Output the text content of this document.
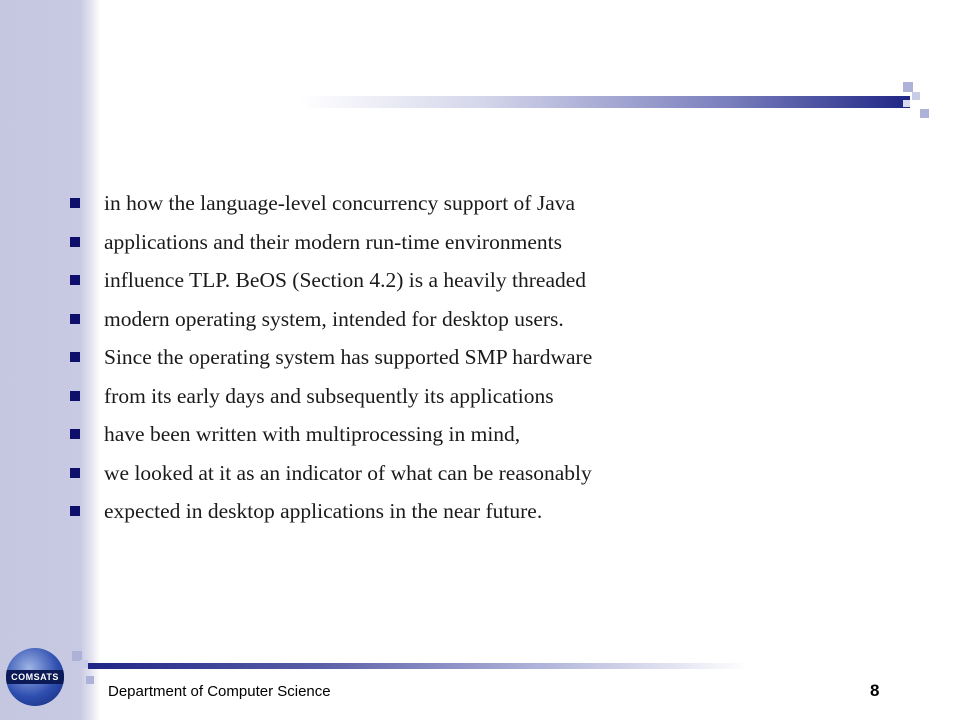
in how the language-level concurrency support of Java
applications and their modern run-time environments
influence TLP. BeOS (Section 4.2) is a heavily threaded
modern operating system, intended for desktop users.
Since the operating system has supported SMP hardware
from its early days and subsequently its applications
have been written with multiprocessing in mind,
we looked at it as an indicator of what can be reasonably
expected in desktop applications in the near future.
COMSATS
Department of Computer Science	8
